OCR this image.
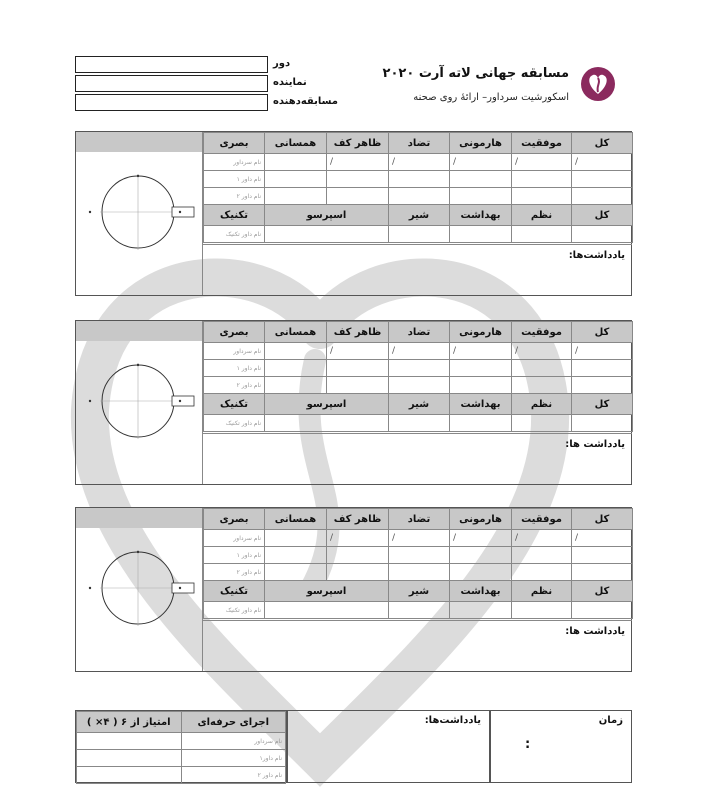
دور
نماینده
مسابقه‌دهنده
مسابقه جهانی لاته آرت ۲۰۲۰
اسکورشیت سرداور– ارائهٔ روی صحنه
بصری	همسانی	ظاهر کف	تضاد	هارمونی	موفقیت	کل
نام سرداور		/	/	/	/	/

نام داور ۱						
نام داور ۲						
تکنیک	اسپرسو		شیر	بهداشت	نظم	کل
نام داور تکنیک						
یادداشت‌ها:
بصری	همسانی	ظاهر کف	تضاد	هارمونی	موفقیت	کل
نام سرداور		/	/	/	/	/

نام داور ۱						
نام داور ۲						
تکنیک	اسپرسو		شیر	بهداشت	نظم	کل
نام داور تکنیک						
یادداشت ها:
بصری	همسانی	ظاهر کف	تضاد	هارمونی	موفقیت	کل
نام سرداور		/	/	/	/	/

نام داور ۱						
نام داور ۲						
تکنیک	اسپرسو		شیر	بهداشت	نظم	کل
نام داور تکنیک						
یادداشت ها:
امتیاز از ۶ ( ۴× )	اجرای حرفه‌ای
	نام سرداور
	نام داور۱
	نام داور ۲
یادداشت‌ها:	زمان
:
